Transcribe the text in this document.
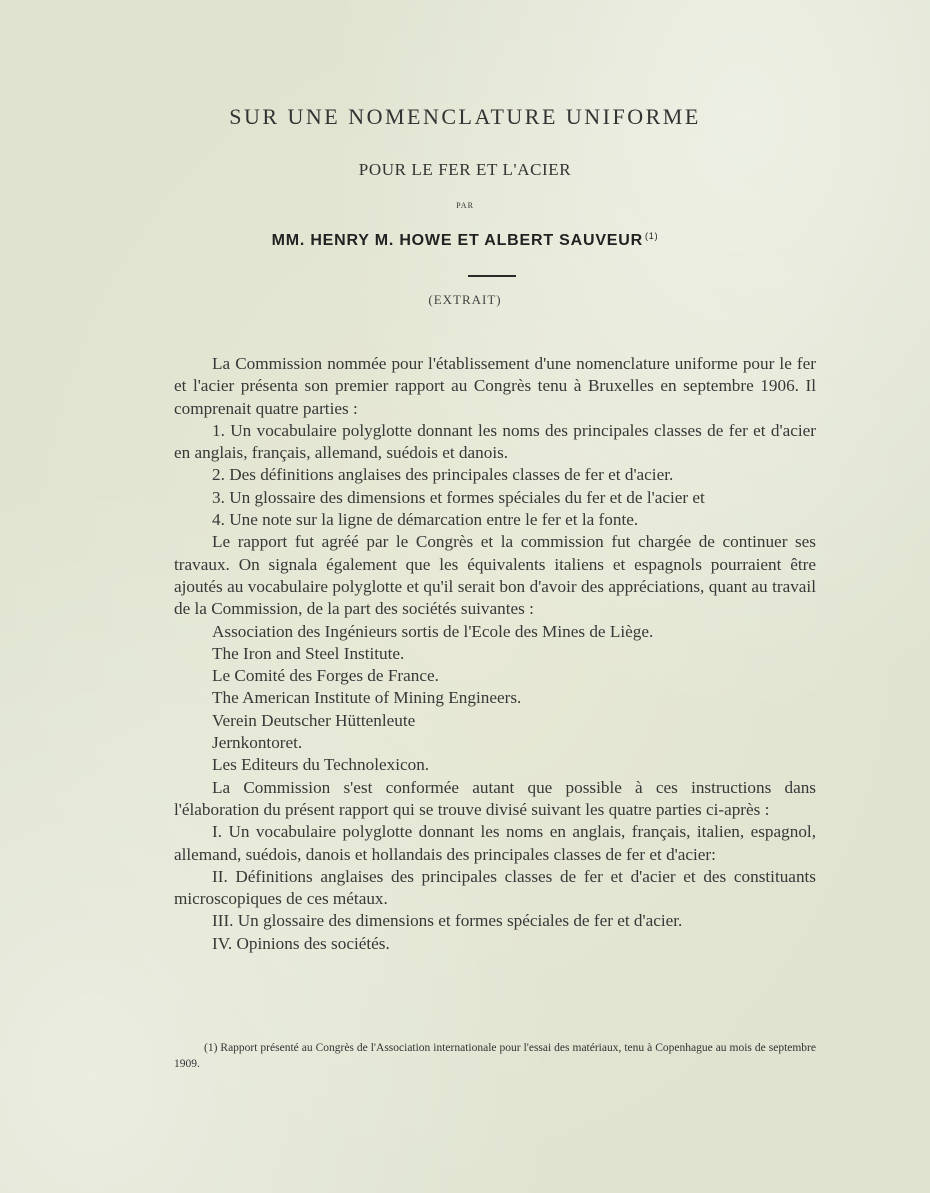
SUR UNE NOMENCLATURE UNIFORME
POUR LE FER ET L'ACIER
PAR
MM. HENRY M. HOWE ET ALBERT SAUVEUR $^{(1)}$
(EXTRAIT)

La Commission nommée pour l'établissement d'une nomenclature uniforme pour le fer et l'acier présenta son premier rapport au Congrès tenu à Bruxelles en septembre 1906. Il comprenait quatre parties :

1. Un vocabulaire polyglotte donnant les noms des principales classes de fer et d'acier en anglais, français, allemand, suédois et danois.

2. Des définitions anglaises des principales classes de fer et d'acier.

3. Un glossaire des dimensions et formes spéciales du fer et de l'acier et

4. Une note sur la ligne de démarcation entre le fer et la fonte.

Le rapport fut agréé par le Congrès et la commission fut chargée de continuer ses travaux. On signala également que les équivalents italiens et espagnols pourraient être ajoutés au vocabulaire polyglotte et qu'il serait bon d'avoir des appréciations, quant au travail de la Commission, de la part des sociétés suivantes :

Association des Ingénieurs sortis de l'Ecole des Mines de Liège.

The Iron and Steel Institute.

Le Comité des Forges de France.

The American Institute of Mining Engineers.

Verein Deutscher Hüttenleute

Jernkontoret.

Les Editeurs du Technolexicon.

La Commission s'est conformée autant que possible à ces instructions dans l'élaboration du présent rapport qui se trouve divisé suivant les quatre parties ci-après :

I. Un vocabulaire polyglotte donnant les noms en anglais, français, italien, espagnol, allemand, suédois, danois et hollandais des principales classes de fer et d'acier:

II. Définitions anglaises des principales classes de fer et d'acier et des constituants microscopiques de ces métaux.

III. Un glossaire des dimensions et formes spéciales de fer et d'acier.

IV. Opinions des sociétés.

(1) Rapport présenté au Congrès de l'Association internationale pour l'essai des matériaux, tenu à Copenhague au mois de septembre 1909.
